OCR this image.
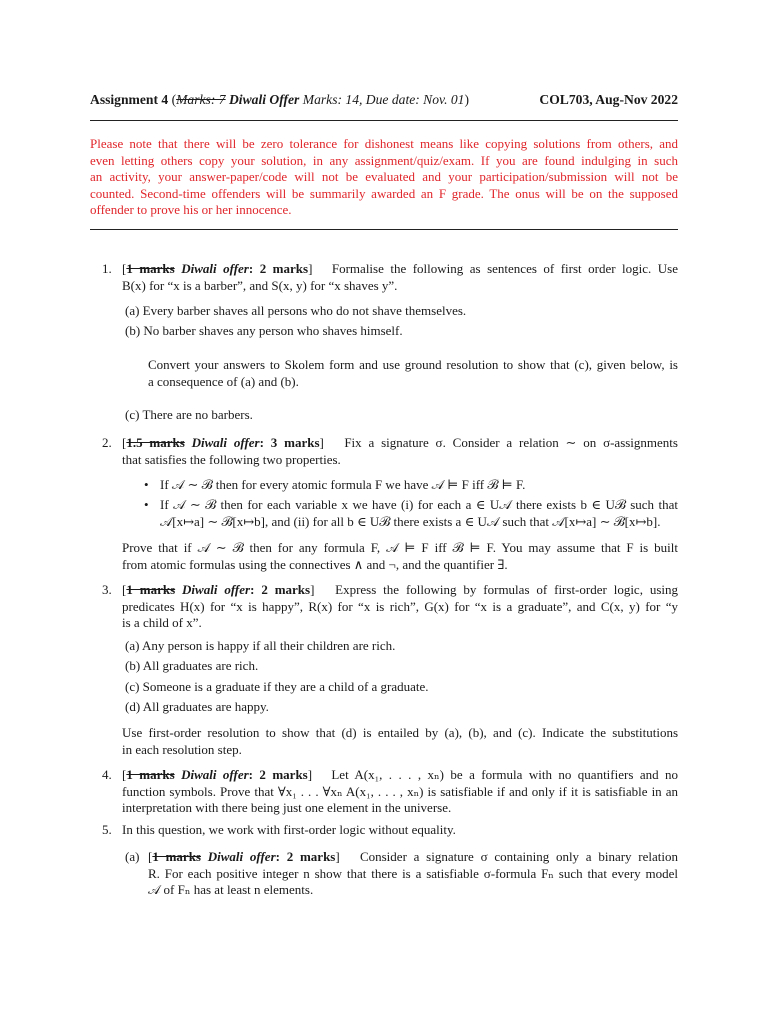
Assignment 4 (Marks: 7 Diwali Offer Marks: 14, Due date: Nov. 01)	COL703, Aug-Nov 2022
Please note that there will be zero tolerance for dishonest means like copying solutions from others, and
even letting others copy your solution, in any assignment/quiz/exam. If you are found indulging in such
an activity, your answer-paper/code will not be evaluated and your participation/submission will not be
counted. Second-time offenders will be summarily awarded an F grade. The onus will be on the supposed
offender to prove his or her innocence.
1. [1 marks Diwali offer: 2 marks]   Formalise the following as sentences of first order logic. Use
B(x) for “x is a barber”, and S(x, y) for “x shaves y”.
(a) Every barber shaves all persons who do not shave themselves.
(b) No barber shaves any person who shaves himself.
Convert your answers to Skolem form and use ground resolution to show that (c), given below, is
a consequence of (a) and (b).
(c) There are no barbers.
2. [1.5 marks Diwali offer: 3 marks]   Fix a signature σ. Consider a relation ∼ on σ-assignments
that satisfies the following two properties.
• If 𝒜 ∼ ℬ then for every atomic formula F we have 𝒜 ⊨ F iff ℬ ⊨ F.
• If 𝒜 ∼ ℬ then for each variable x we have (i) for each a ∈ U𝒜 there exists b ∈ Uℬ such that
𝒜[x↦a] ∼ ℬ[x↦b], and (ii) for all b ∈ Uℬ there exists a ∈ U𝒜 such that 𝒜[x↦a] ∼ ℬ[x↦b].
Prove that if 𝒜 ∼ ℬ then for any formula F, 𝒜 ⊨ F iff ℬ ⊨ F. You may assume that F is built
from atomic formulas using the connectives ∧ and ¬, and the quantifier ∃.
3. [1 marks Diwali offer: 2 marks]   Express the following by formulas of first-order logic, using
predicates H(x) for “x is happy”, R(x) for “x is rich”, G(x) for “x is a graduate”, and C(x, y) for “y
is a child of x”.
(a) Any person is happy if all their children are rich.
(b) All graduates are rich.
(c) Someone is a graduate if they are a child of a graduate.
(d) All graduates are happy.
Use first-order resolution to show that (d) is entailed by (a), (b), and (c). Indicate the substitutions
in each resolution step.
4. [1 marks Diwali offer: 2 marks]   Let A(x₁, . . . , xₙ) be a formula with no quantifiers and no
function symbols. Prove that ∀x₁ . . . ∀xₙ A(x₁, . . . , xₙ) is satisfiable if and only if it is satisfiable in an
interpretation with there being just one element in the universe.
5. In this question, we work with first-order logic without equality.
(a) [1 marks Diwali offer: 2 marks]   Consider a signature σ containing only a binary relation
R. For each positive integer n show that there is a satisfiable σ-formula Fₙ such that every model
𝒜 of Fₙ has at least n elements.
